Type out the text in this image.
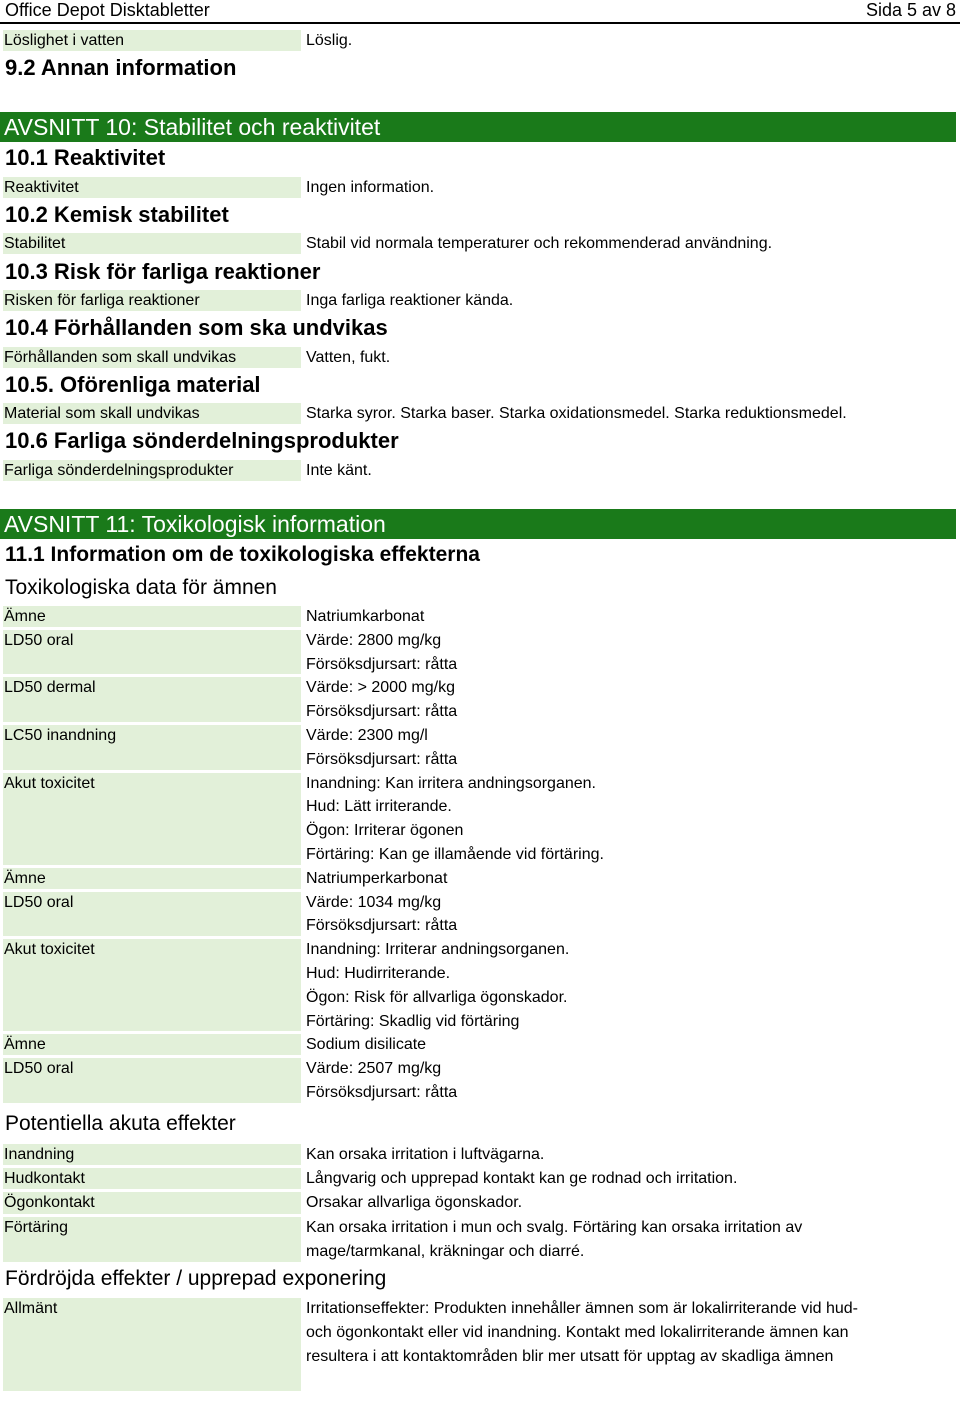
Office Depot Disktabletter	Sida 5 av 8
Löslighet i vatten	Löslig.
9.2 Annan information
AVSNITT 10: Stabilitet och reaktivitet
10.1 Reaktivitet
Reaktivitet	Ingen information.
10.2 Kemisk stabilitet
Stabilitet	Stabil vid normala temperaturer och rekommenderad användning.
10.3 Risk för farliga reaktioner
Risken för farliga reaktioner	Inga farliga reaktioner kända.
10.4 Förhållanden som ska undvikas
Förhållanden som skall undvikas	Vatten, fukt.
10.5. Oförenliga material
Material som skall undvikas	Starka syror. Starka baser. Starka oxidationsmedel. Starka reduktionsmedel.
10.6 Farliga sönderdelningsprodukter
Farliga sönderdelningsprodukter	Inte känt.
AVSNITT 11: Toxikologisk information
11.1 Information om de toxikologiska effekterna
Toxikologiska data för ämnen
Ämne	Natriumkarbonat
LD50 oral	Värde: 2800 mg/kg
Försöksdjursart: råtta
LD50 dermal	Värde: > 2000 mg/kg
Försöksdjursart: råtta
LC50 inandning	Värde: 2300 mg/l
Försöksdjursart: råtta
Akut toxicitet	Inandning: Kan irritera andningsorganen.
Hud: Lätt irriterande.
Ögon: Irriterar ögonen
Förtäring: Kan ge illamående vid förtäring.
Ämne	Natriumperkarbonat
LD50 oral	Värde: 1034 mg/kg
Försöksdjursart: råtta
Akut toxicitet	Inandning: Irriterar andningsorganen.
Hud: Hudirriterande.
Ögon: Risk för allvarliga ögonskador.
Förtäring: Skadlig vid förtäring
Ämne	Sodium disilicate
LD50 oral	Värde: 2507 mg/kg
Försöksdjursart: råtta
Potentiella akuta effekter
Inandning	Kan orsaka irritation i luftvägarna.
Hudkontakt	Långvarig och upprepad kontakt kan ge rodnad och irritation.
Ögonkontakt	Orsakar allvarliga ögonskador.
Förtäring	Kan orsaka irritation i mun och svalg. Förtäring kan orsaka irritation av
mage/tarmkanal, kräkningar och diarré.
Fördröjda effekter / upprepad exponering
Allmänt	Irritationseffekter: Produkten innehåller ämnen som är lokalirriterande vid hud-
och ögonkontakt eller vid inandning. Kontakt med lokalirriterande ämnen kan
resultera i att kontaktområden blir mer utsatt för upptag av skadliga ämnen
